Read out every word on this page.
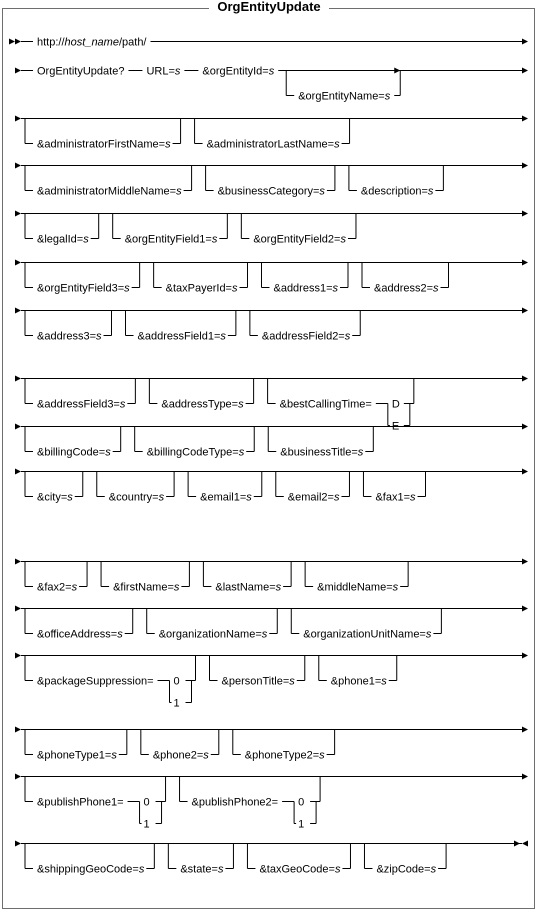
http://host_name/path/
OrgEntityUpdate? URL=s &orgEntityId=s
&orgEntityName=s
&administratorFirstName=s	&administratorLastName=s
&administratorMiddleName=s	&businessCategory=s	&description=s
&legalId=s	&orgEntityField1=s	&orgEntityField2=s
&orgEntityField3=s	&taxPayerId=s	&address1=s	&address2=s
&address3=s	&addressField1=s	&addressField2=s
&addressField3=s	&addressType=s	&bestCallingTime= D
E
&billingCode=s	&billingCodeType=s	&businessTitle=s
&city=s	&country=s	&email1=s	&email2=s	&fax1=s
&fax2=s	&firstName=s	&lastName=s	&middleName=s
&officeAddress=s	&organizationName=s	&organizationUnitName=s
&packageSuppression= 0
1
&personTitle=s	&phone1=s
&phoneType1=s	&phone2=s	&phoneType2=s
&publishPhone1= 0
1
&publishPhone2= 0
1
&shippingGeoCode=s	&state=s	&taxGeoCode=s	&zipCode=s
OrgEntityUpdate
